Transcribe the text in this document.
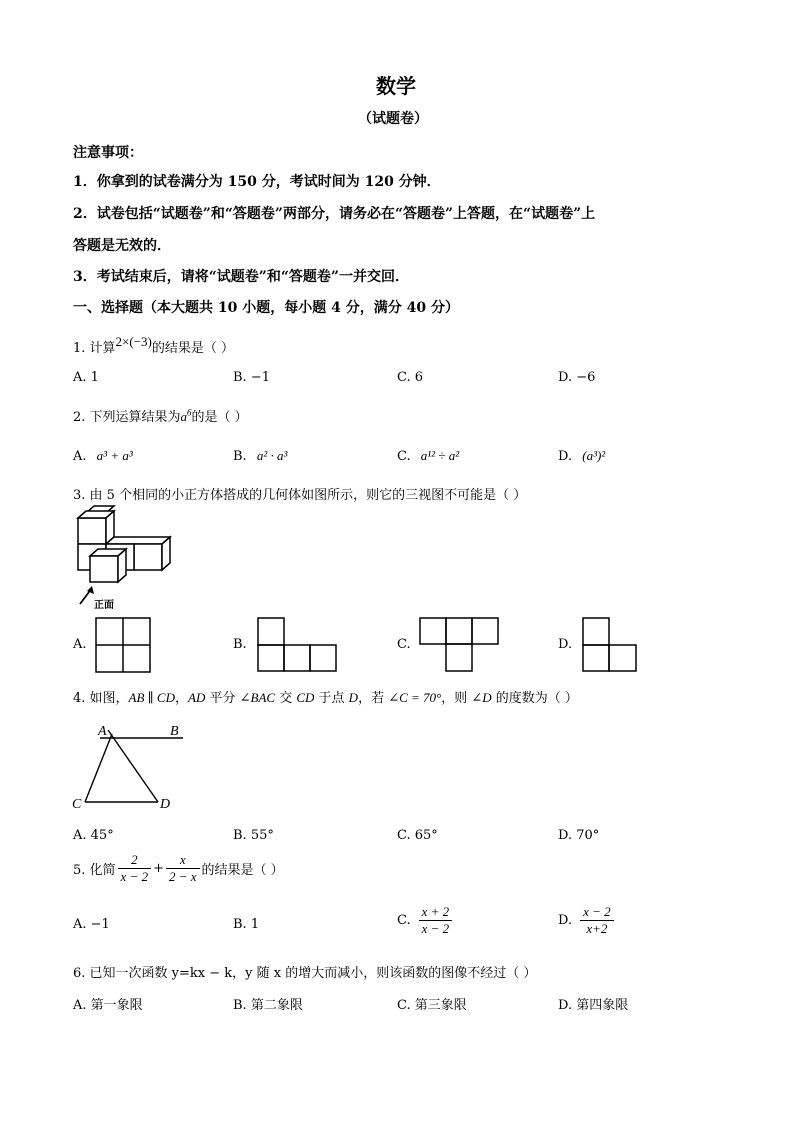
数学
（试题卷）
注意事项：
1．你拿到的试卷满分为 150 分，考试时间为 120 分钟．
2．试卷包括“试题卷”和“答题卷”两部分，请务必在“答题卷”上答题，在“试题卷”上
答题是无效的．
3．考试结束后，请将“试题卷”和“答题卷”一并交回．
一、选择题（本大题共 10 小题，每小题 4 分，满分 40 分）
1. 计算2×(−3)的结果是（ ）
A. 1	B. −1	C. 6	D. −6
2. 下列运算结果为$a^6$的是（ ）
A. a³ + a³	B. a² · a³	C. a¹² ÷ a²	D. (a³)²
3. 由 5 个相同的小正方体搭成的几何体如图所示，则它的三视图不可能是（ ）
正面
A.	B.	C.	D.
4. 如图，AB ∥ CD，AD 平分 ∠BAC 交 CD 于点 D，若 ∠C = 70°，则 ∠D 的度数为（ ）
A	B
C	D
A. 45°	B. 55°	C. 65°	D. 70°
5. 化简 $\frac{2}{x - 2} + \frac{x}{2 - x}$ 的结果是（ ）
A. −1	B. 1	C. $\frac{x + 2}{x - 2}$	D. $\frac{x - 2}{x+2}$
6. 已知一次函数 y=kx − k，y 随 x 的增大而减小，则该函数的图像不经过（ ）
A. 第一象限	B. 第二象限	C. 第三象限	D. 第四象限
